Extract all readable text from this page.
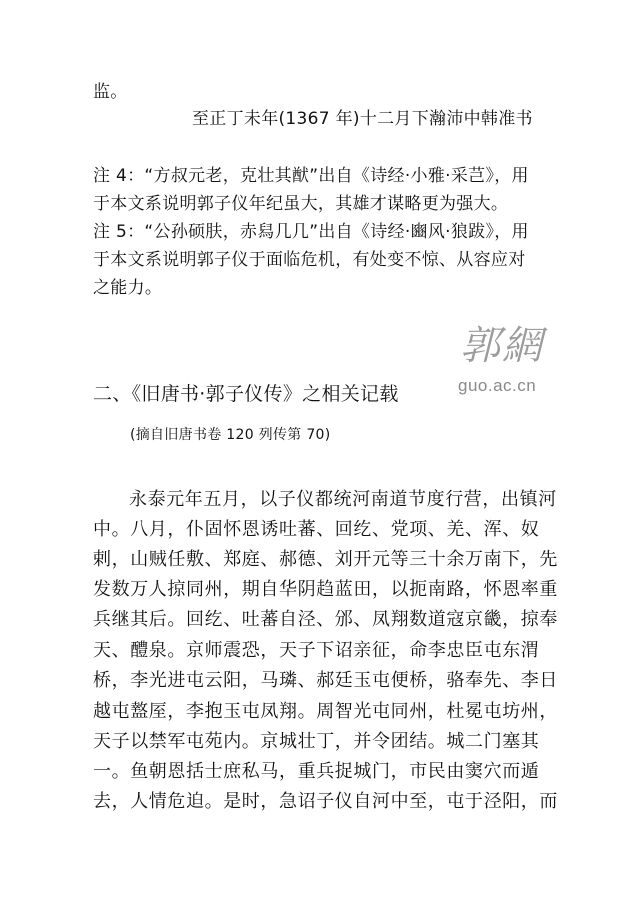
监。
至正丁未年(1367 年)十二月下瀚沛中韩准书
注 4：“方叔元老，克壮其猷”出自《诗经·小雅·采芑》，用
于本文系说明郭子仪年纪虽大，其雄才谋略更为强大。
注 5：“公孙硕肤，赤舄几几”出自《诗经·豳风·狼跋》，用
于本文系说明郭子仪于面临危机，有处变不惊、从容应对
之能力。
郭網
guo.ac.cn
二、《旧唐书·郭子仪传》之相关记载
(摘自旧唐书卷 120 列传第 70)
永泰元年五月，以子仪都统河南道节度行营，出镇河
中。八月，仆固怀恩诱吐蕃、回纥、党项、羌、浑、奴
剌，山贼任敷、郑庭、郝德、刘开元等三十余万南下，先
发数万人掠同州，期自华阴趋蓝田，以扼南路，怀恩率重
兵继其后。回纥、吐蕃自泾、邠、凤翔数道寇京畿，掠奉
天、醴泉。京师震恐，天子下诏亲征，命李忠臣屯东渭
桥，李光进屯云阳，马璘、郝廷玉屯便桥，骆奉先、李日
越屯盩厔，李抱玉屯凤翔。周智光屯同州，杜冕屯坊州，
天子以禁军屯苑内。京城壮丁，并令团结。城二门塞其
一。鱼朝恩括士庶私马，重兵捉城门，市民由窦穴而遁
去，人情危迫。是时，急诏子仪自河中至，屯于泾阳，而
